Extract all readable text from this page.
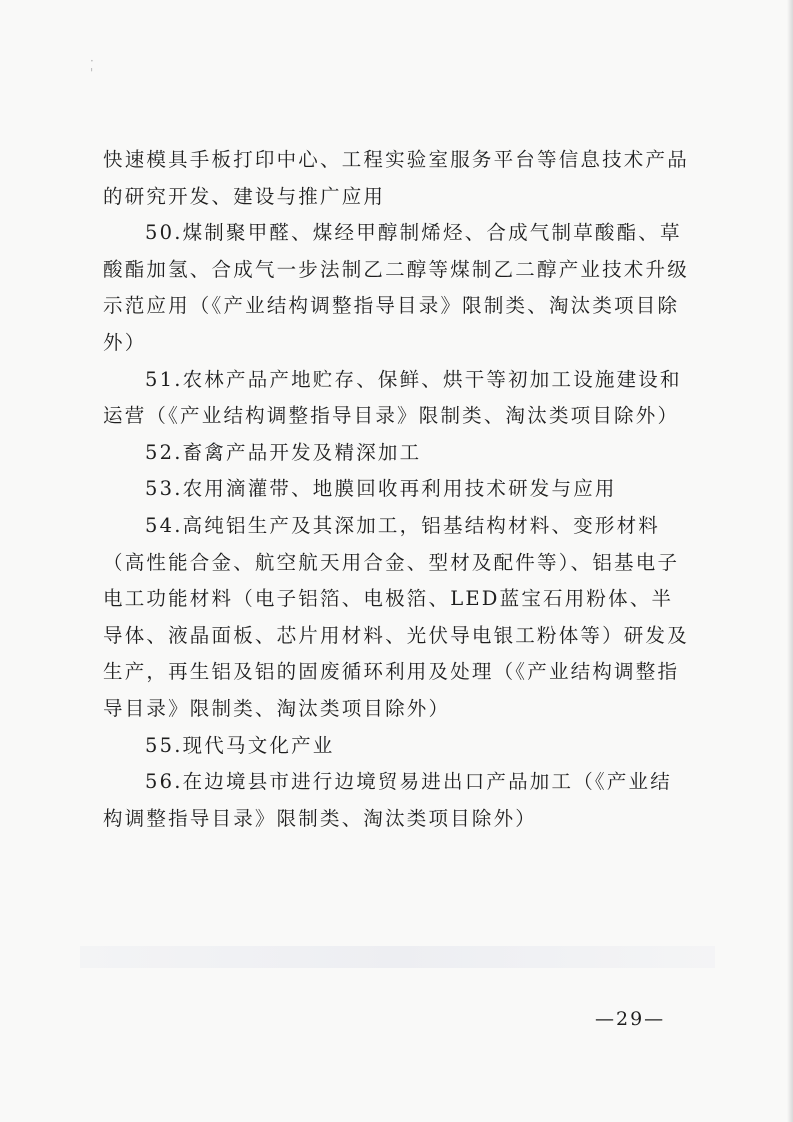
·
'

快速模具手板打印中心、工程实验室服务平台等信息技术产品的研究开发、建设与推广应用

50.煤制聚甲醛、煤经甲醇制烯烃、合成气制草酸酯、草酸酯加氢、合成气一步法制乙二醇等煤制乙二醇产业技术升级示范应用（《产业结构调整指导目录》限制类、淘汰类项目除外）

51.农林产品产地贮存、保鲜、烘干等初加工设施建设和运营（《产业结构调整指导目录》限制类、淘汰类项目除外）

52.畜禽产品开发及精深加工

53.农用滴灌带、地膜回收再利用技术研发与应用

54.高纯铝生产及其深加工，铝基结构材料、变形材料（高性能合金、航空航天用合金、型材及配件等）、铝基电子电工功能材料（电子铝箔、电极箔、LED蓝宝石用粉体、半导体、液晶面板、芯片用材料、光伏导电银工粉体等）研发及生产，再生铝及铝的固废循环利用及处理（《产业结构调整指导目录》限制类、淘汰类项目除外）

55.现代马文化产业

56.在边境县市进行边境贸易进出口产品加工（《产业结构调整指导目录》限制类、淘汰类项目除外）

—29—
